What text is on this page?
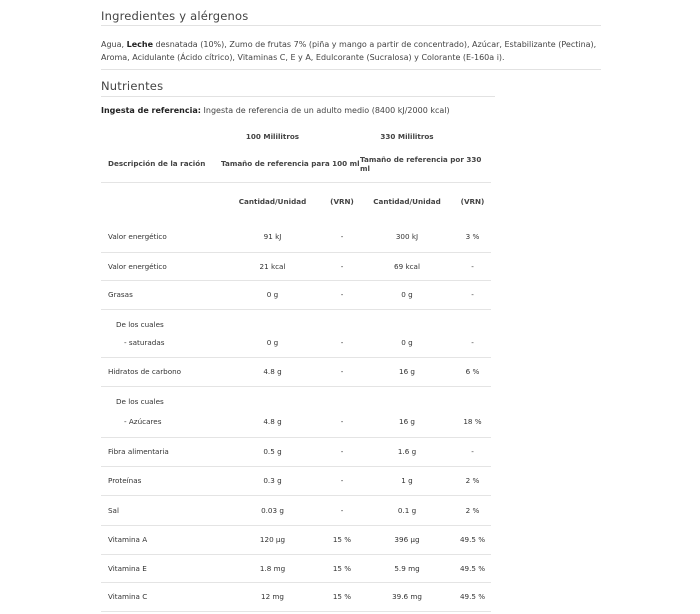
Ingredientes y alérgenos
Agua, Leche desnatada (10%), Zumo de frutas 7% (piña y mango a partir de concentrado), Azúcar, Estabilizante (Pectina), Aroma, Acidulante (Ácido cítrico), Vitaminas C, E y A, Edulcorante (Sucralosa) y Colorante (E-160a i).
Nutrientes
Ingesta de referencia: Ingesta de referencia de un adulto medio (8400 kJ/2000 kcal)
	100 Mililitros		330 Mililitros	
Descripción de la ración	Tamaño de referencia para 100 ml		Tamaño de referencia por 330 ml	
	Cantidad/Unidad	(VRN)	Cantidad/Unidad	(VRN)
Valor energético	91 kJ	-	300 kJ	3 %
Valor energético	21 kcal	-	69 kcal	-
Grasas	0 g	-	0 g	-
De los cuales				
- saturadas	0 g	-	0 g	-
Hidratos de carbono	4.8 g	-	16 g	6 %
De los cuales				
- Azúcares	4.8 g	-	16 g	18 %
Fibra alimentaria	0.5 g	-	1.6 g	-
Proteínas	0.3 g	-	1 g	2 %
Sal	0.03 g	-	0.1 g	2 %
Vitamina A	120 µg	15 %	396 µg	49.5 %
Vitamina E	1.8 mg	15 %	5.9 mg	49.5 %
Vitamina C	12 mg	15 %	39.6 mg	49.5 %
